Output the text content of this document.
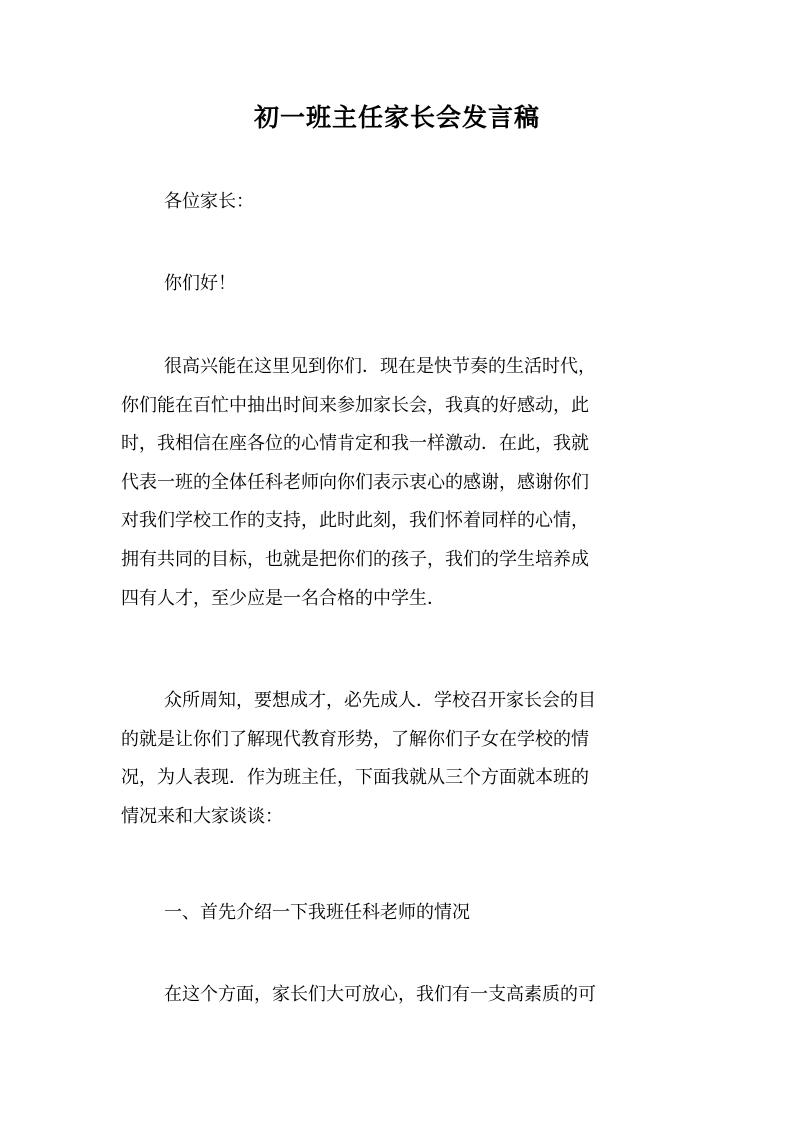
初一班主任家长会发言稿
各位家长：
你们好！
很高兴能在这里见到你们．现在是快节奏的生活时代，
你们能在百忙中抽出时间来参加家长会，我真的好感动，此
时，我相信在座各位的心情肯定和我一样激动．在此，我就
代表一班的全体任科老师向你们表示衷心的感谢，感谢你们
对我们学校工作的支持，此时此刻，我们怀着同样的心情，
拥有共同的目标，也就是把你们的孩子，我们的学生培养成
四有人才，至少应是一名合格的中学生．
众所周知，要想成才，必先成人．学校召开家长会的目
的就是让你们了解现代教育形势，了解你们子女在学校的情
况，为人表现．作为班主任，下面我就从三个方面就本班的
情况来和大家谈谈：
一、首先介绍一下我班任科老师的情况
在这个方面，家长们大可放心，我们有一支高素质的可
